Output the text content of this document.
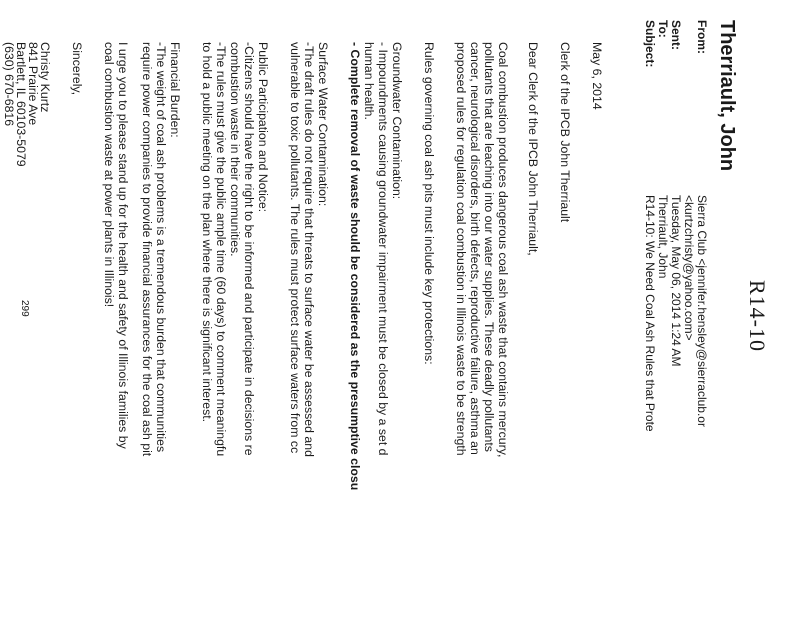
R14-10
Therriault, John
From:
Sierra Club <jennifer.hensley@sierraclub.or
<kurtzchristy@yahoo.com>
Sent:
Tuesday, May 06, 2014 1:24 AM
To:
Therriault, John
Subject:
R14-10: We Need Coal Ash Rules that Prote
May 6, 2014
Clerk of the IPCB John Therriault
Dear Clerk of the IPCB John Therriault,
Coal combustion produces dangerous coal ash waste that contains mercury,
pollutants that are leaching into our water supplies. These deadly pollutants
cancer, neurological disorders, birth defects, reproductive failure, asthma an
proposed rules for regulation coal combustion in Illinois waste to be strength
Rules governing coal ash pits must include key protections:
Groundwater Contamination:
- Impoundments causing groundwater impairment must be closed by a set d
human health.
- Complete removal of waste should be considered as the presumptive closu
Surface Water Contamination:
-The draft rules do not require that threats to surface water be assessed and
vulnerable to toxic pollutants. The rules must protect surface waters from cc
Public Participation and Notice:
-Citizens should have the right to be informed and participate in decisions re
combustion waste in their communities.
-The rules must give the public ample time (60 days) to comment meaningfu
to hold a public meeting on the plan where there is significant interest.
Financial Burden:
-The weight of coal ash problems is a tremendous burden that communities
require power companies to provide financial assurances for the coal ash pit
I urge you to please stand up for the health and safety of Illinois families by
coal combustion waste at power plants in Illinois!
Sincerely,
Christy Kurtz
841 Prairie Ave
Bartlett, IL 60103-5079
(630) 670-6816
299
